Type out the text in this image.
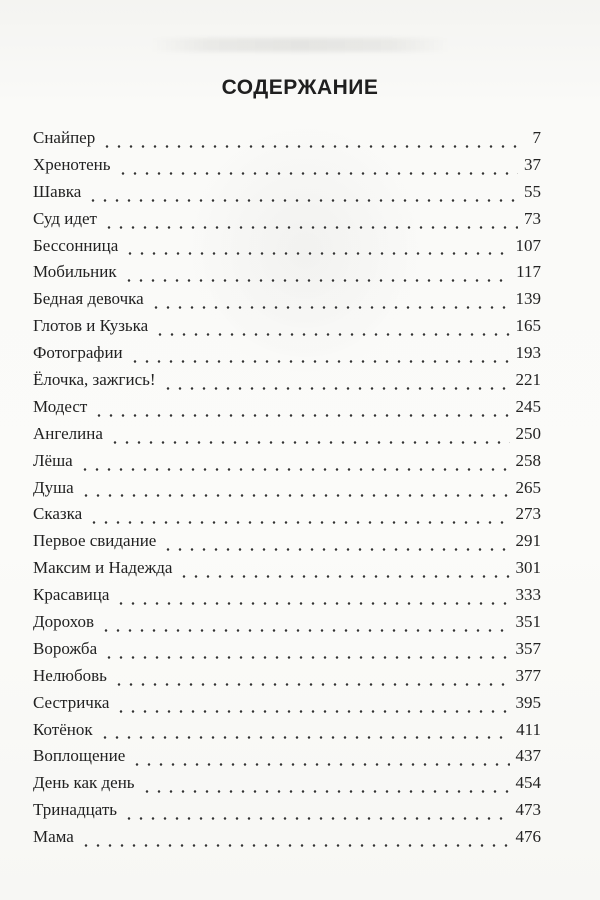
СОДЕРЖАНИЕ
Снайпер	7
Хренотень	37
Шавка	55
Суд идет	73
Бессонница	107
Мобильник	117
Бедная девочка	139
Глотов и Кузька	165
Фотографии	193
Ёлочка, зажгись!	221
Модест	245
Ангелина	250
Лёша	258
Душа	265
Сказка	273
Первое свидание	291
Максим и Надежда	301
Красавица	333
Дорохов	351
Ворожба	357
Нелюбовь	377
Сестричка	395
Котёнок	411
Воплощение	437
День как день	454
Тринадцать	473
Мама	476
